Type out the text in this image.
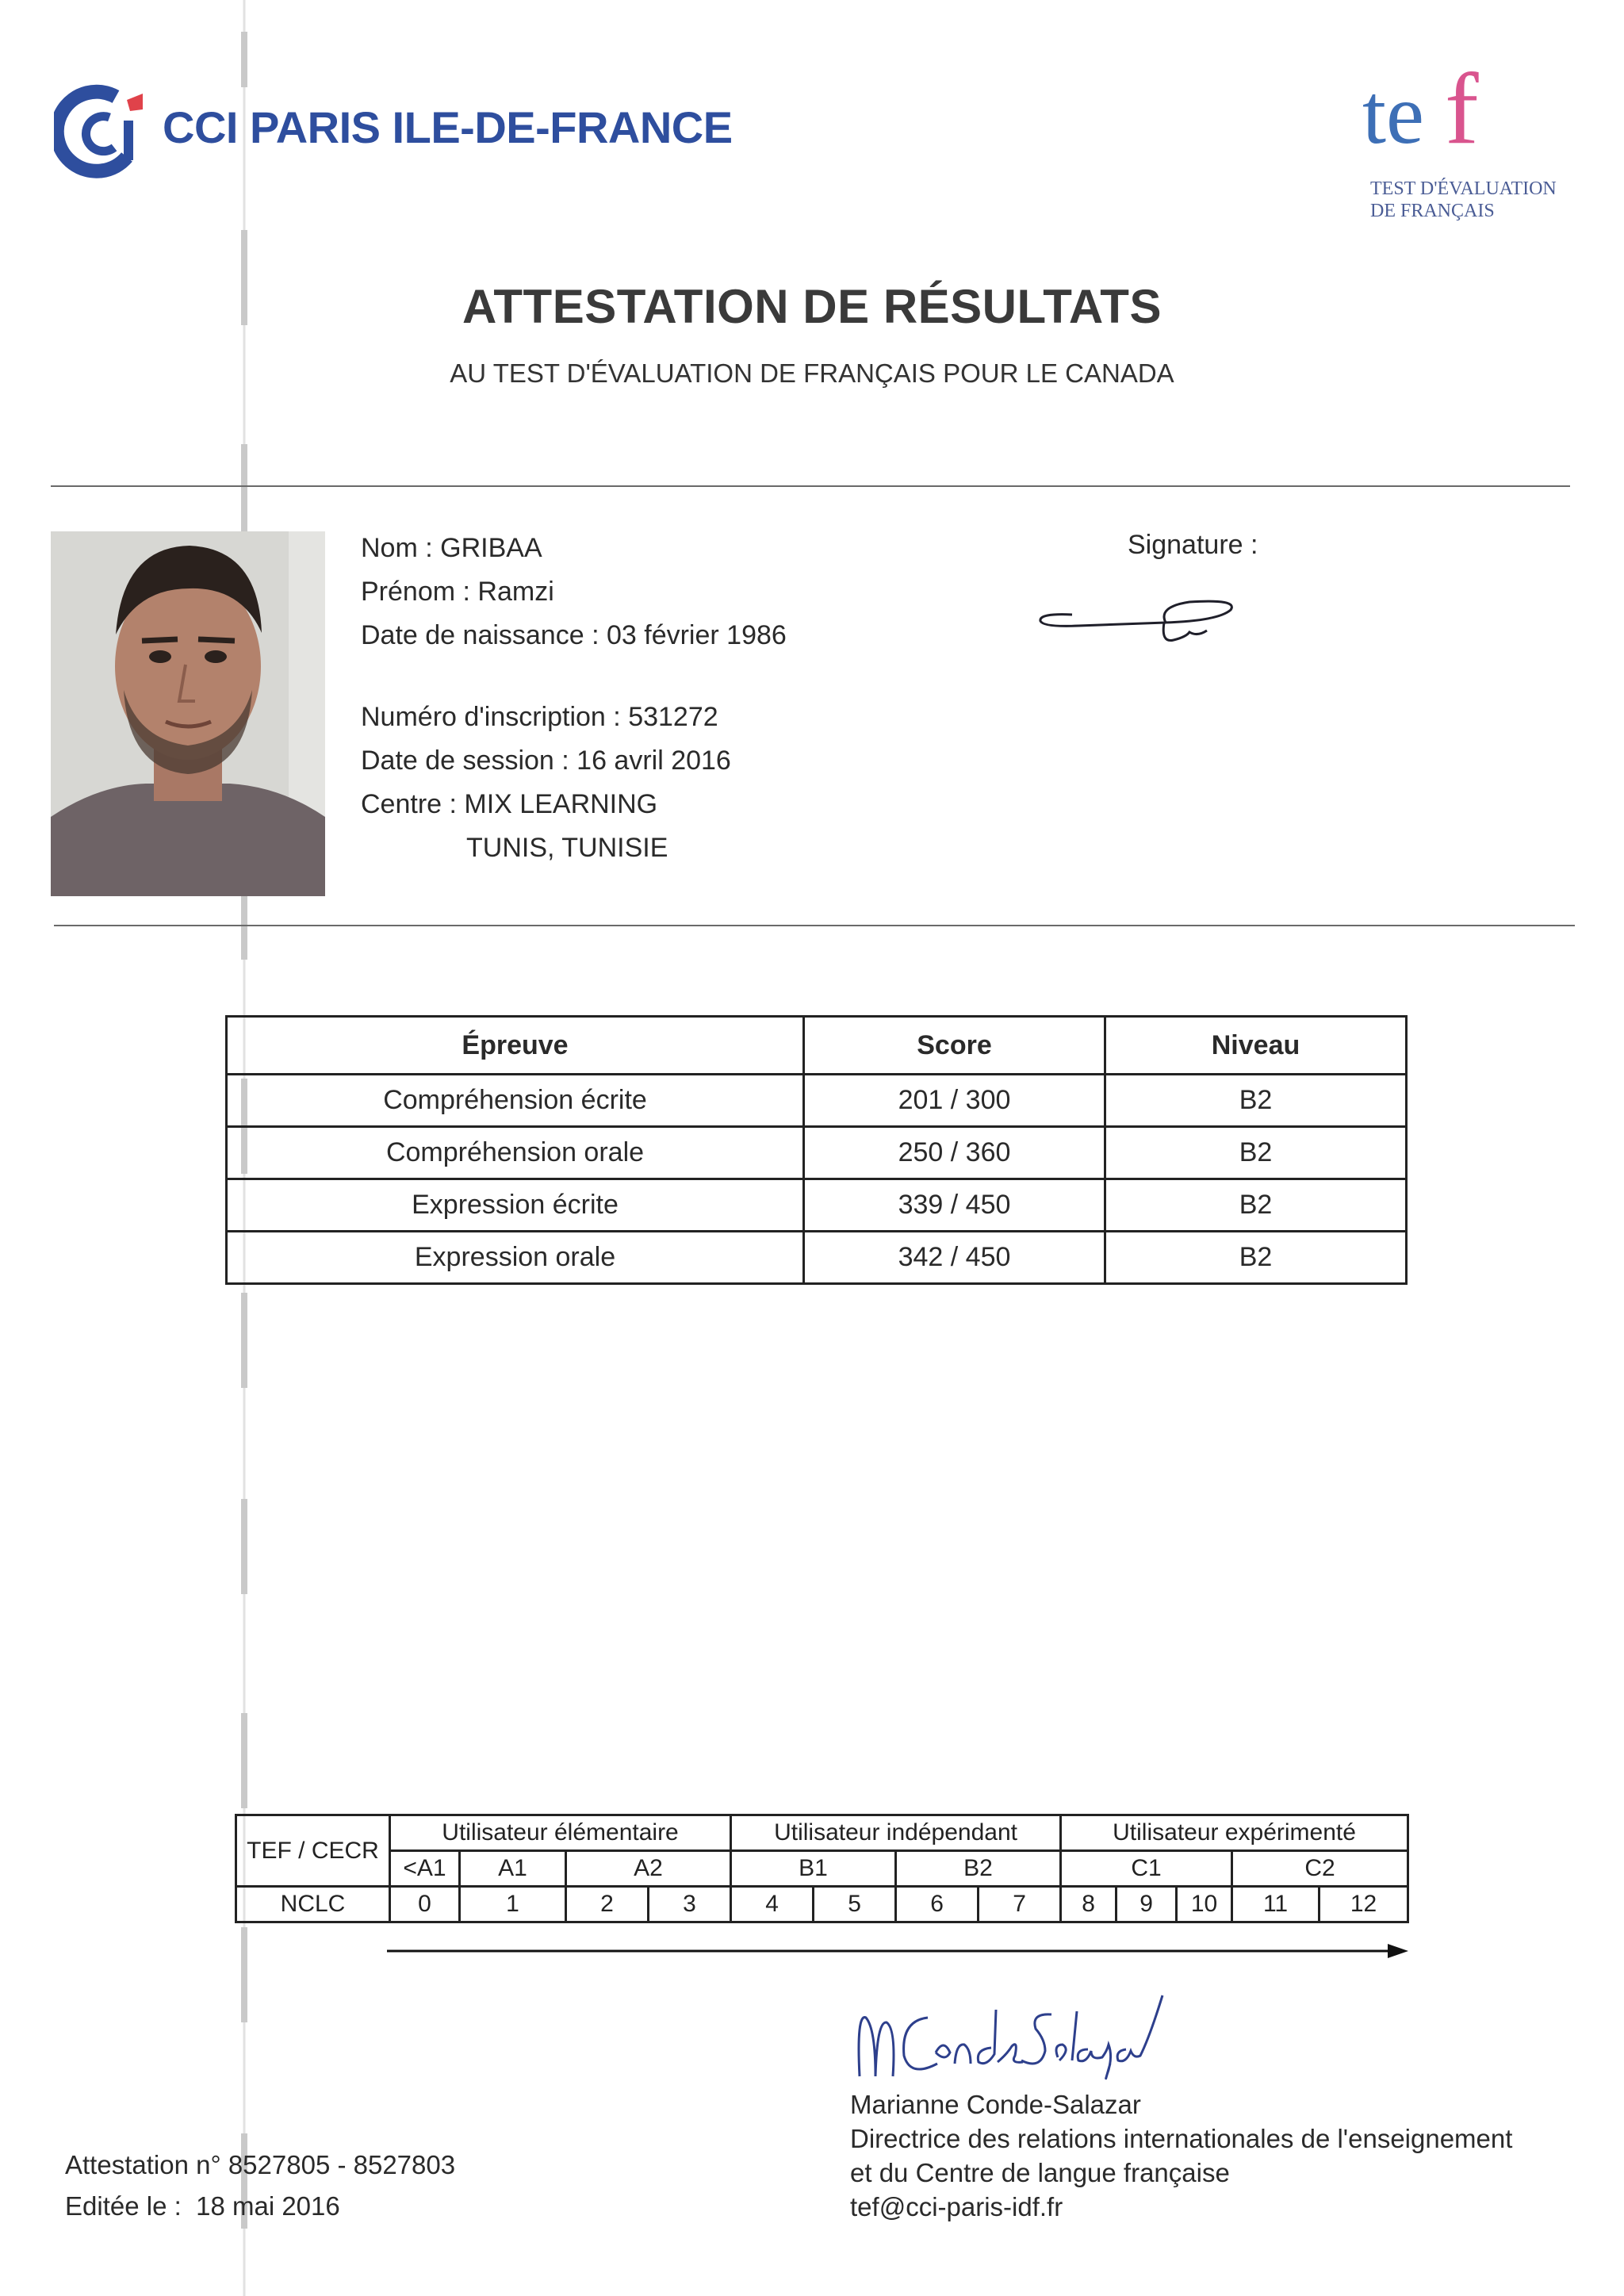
CCI PARIS ILE-DE-FRANCE	te f
TEST D'ÉVALUATION
DE FRANÇAIS
ATTESTATION DE RÉSULTATS
AU TEST D'ÉVALUATION DE FRANÇAIS POUR LE CANADA
Nom : GRIBAA
Prénom : Ramzi
Date de naissance : 03 février 1986
Numéro d'inscription : 531272
Date de session : 16 avril 2016
Centre : MIX LEARNING
TUNIS, TUNISIE
Signature :
Épreuve	Score	Niveau
Compréhension écrite	201 / 300	B2
Compréhension orale	250 / 360	B2
Expression écrite	339 / 450	B2
Expression orale	342 / 450	B2
TEF / CECR	Utilisateur élémentaire				Utilisateur indépendant				Utilisateur expérimenté				
	<A1	A1	A2		B1		B2		C1			C2	
NCLC	0	1	2	3	4	5	6	7	8	9	10	11	12
Marianne Conde-Salazar
Directrice des relations internationales de l'enseignement
et du Centre de langue française
tef@cci-paris-idf.fr
Attestation n° 8527805 - 8527803
Editée le : 18 mai 2016
